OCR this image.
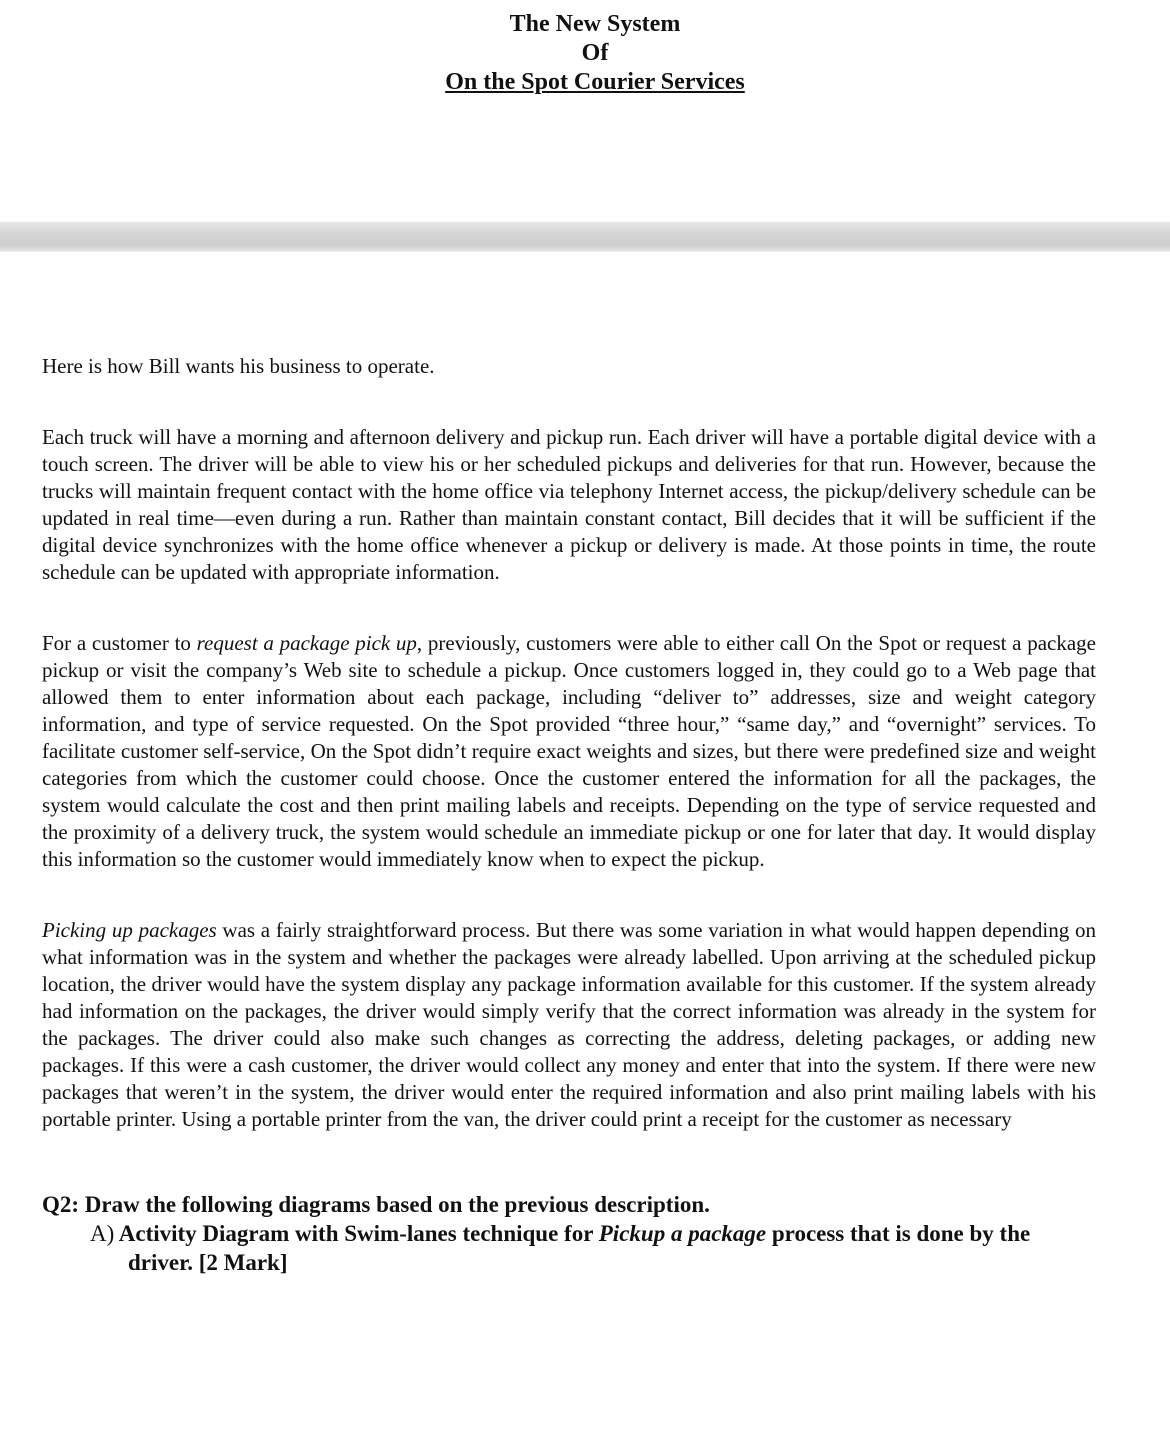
The New System
Of
On the Spot Courier Services

Here is how Bill wants his business to operate.

Each truck will have a morning and afternoon delivery and pickup run. Each driver will have a portable digital device with a touch screen. The driver will be able to view his or her scheduled pickups and deliveries for that run. However, because the trucks will maintain frequent contact with the home office via telephony Internet access, the pickup/delivery schedule can be updated in real time—even during a run. Rather than maintain constant contact, Bill decides that it will be sufficient if the digital device synchronizes with the home office whenever a pickup or delivery is made. At those points in time, the route schedule can be updated with appropriate information.

For a customer to request a package pick up, previously, customers were able to either call On the Spot or request a package pickup or visit the company’s Web site to schedule a pickup. Once customers logged in, they could go to a Web page that allowed them to enter information about each package, including “deliver to” addresses, size and weight category information, and type of service requested. On the Spot provided “three hour,” “same day,” and “overnight” services. To facilitate customer self-service, On the Spot didn’t require exact weights and sizes, but there were predefined size and weight categories from which the customer could choose. Once the customer entered the information for all the packages, the system would calculate the cost and then print mailing labels and receipts. Depending on the type of service requested and the proximity of a delivery truck, the system would schedule an immediate pickup or one for later that day. It would display this information so the customer would immediately know when to expect the pickup.

Picking up packages was a fairly straightforward process. But there was some variation in what would happen depending on what information was in the system and whether the packages were already labelled. Upon arriving at the scheduled pickup location, the driver would have the system display any package information available for this customer. If the system already had information on the packages, the driver would simply verify that the correct information was already in the system for the packages. The driver could also make such changes as correcting the address, deleting packages, or adding new packages. If this were a cash customer, the driver would collect any money and enter that into the system. If there were new packages that weren’t in the system, the driver would enter the required information and also print mailing labels with his portable printer. Using a portable printer from the van, the driver could print a receipt for the customer as necessary

Q2: Draw the following diagrams based on the previous description.
A) Activity Diagram with Swim-lanes technique for Pickup a package process that is done by the driver. [2 Mark]
